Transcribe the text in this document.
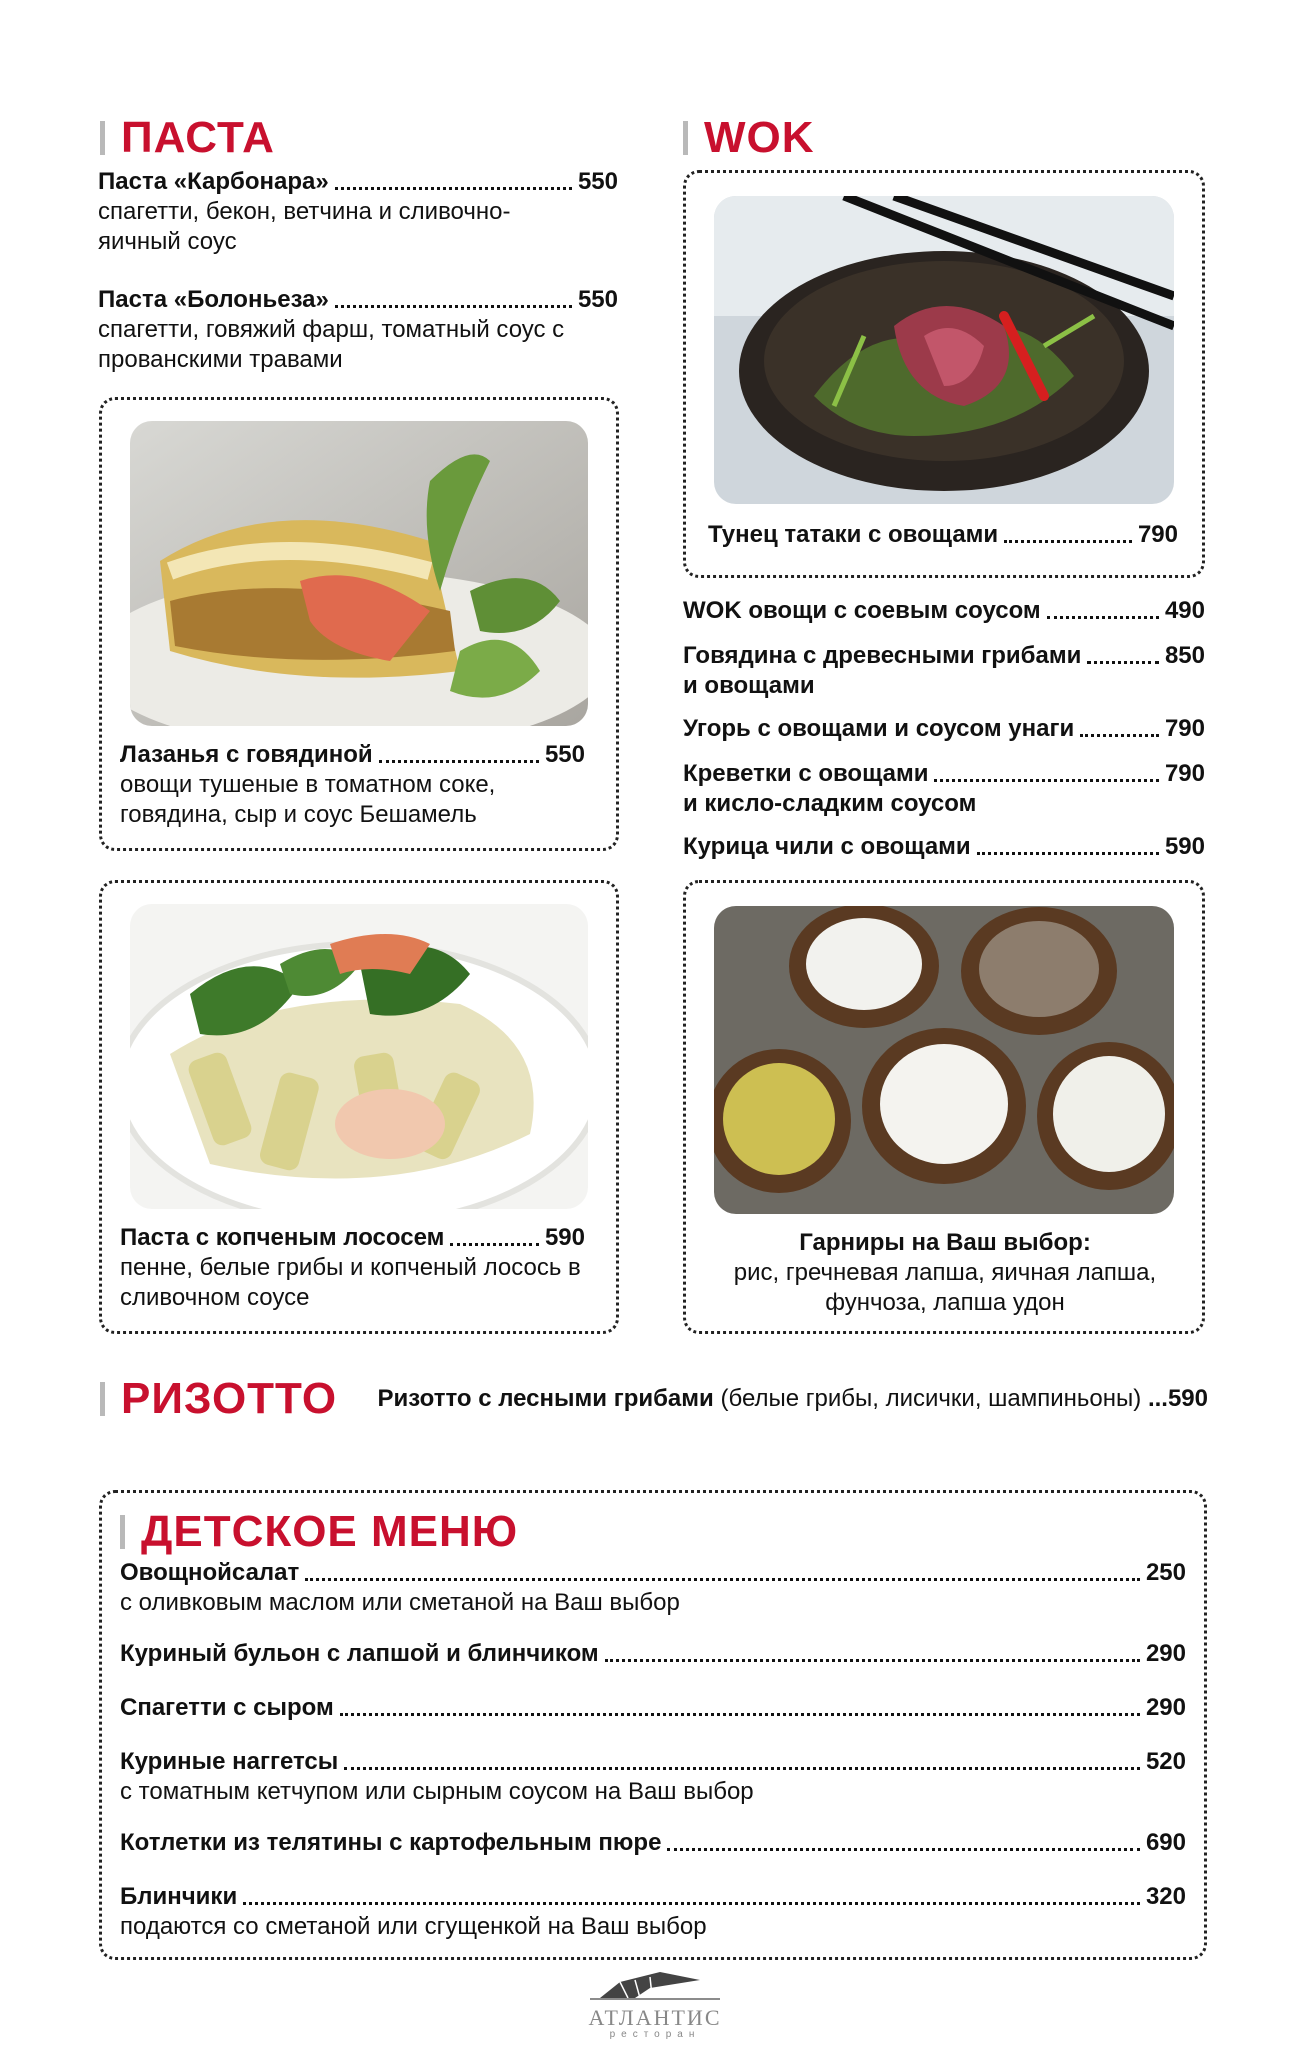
ПАСТА
Паста «Карбонара»	550
спагетти, бекон, ветчина и сливочно-яичный соус
Паста «Болоньеза»	550
спагетти, говяжий фарш, томатный соус с прованскими травами
Лазанья с говядиной	550
овощи тушеные в томатном соке, говядина, сыр и соус Бешамель
Паста с копченым лососем	590
пенне, белые грибы и копченый лосось в сливочном соусе
WOK
Тунец татаки с овощами	790
WOK овощи с соевым соусом	490
Говядина с древесными грибами	850
и овощами
Угорь с овощами и соусом унаги	790
Креветки с овощами	790
и кисло-сладким соусом
Курица чили с овощами	590
Гарниры на Ваш выбор:
рис, гречневая лапша, яичная лапша,
фунчоза, лапша удон
РИЗОТТО	Ризотто с лесными грибами (белые грибы, лисички, шампиньоны) ...590
ДЕТСКОЕ МЕНЮ
Овощнойсалат	250
с оливковым маслом или сметаной на Ваш выбор
Куриный бульон с лапшой и блинчиком	290
Спагетти с сыром	290
Куриные наггетсы	520
с томатным кетчупом или сырным соусом на Ваш выбор
Котлетки из телятины с картофельным пюре	690
Блинчики	320
подаются со сметаной или сгущенкой на Ваш выбор
АТЛАНТИС
ресторан
